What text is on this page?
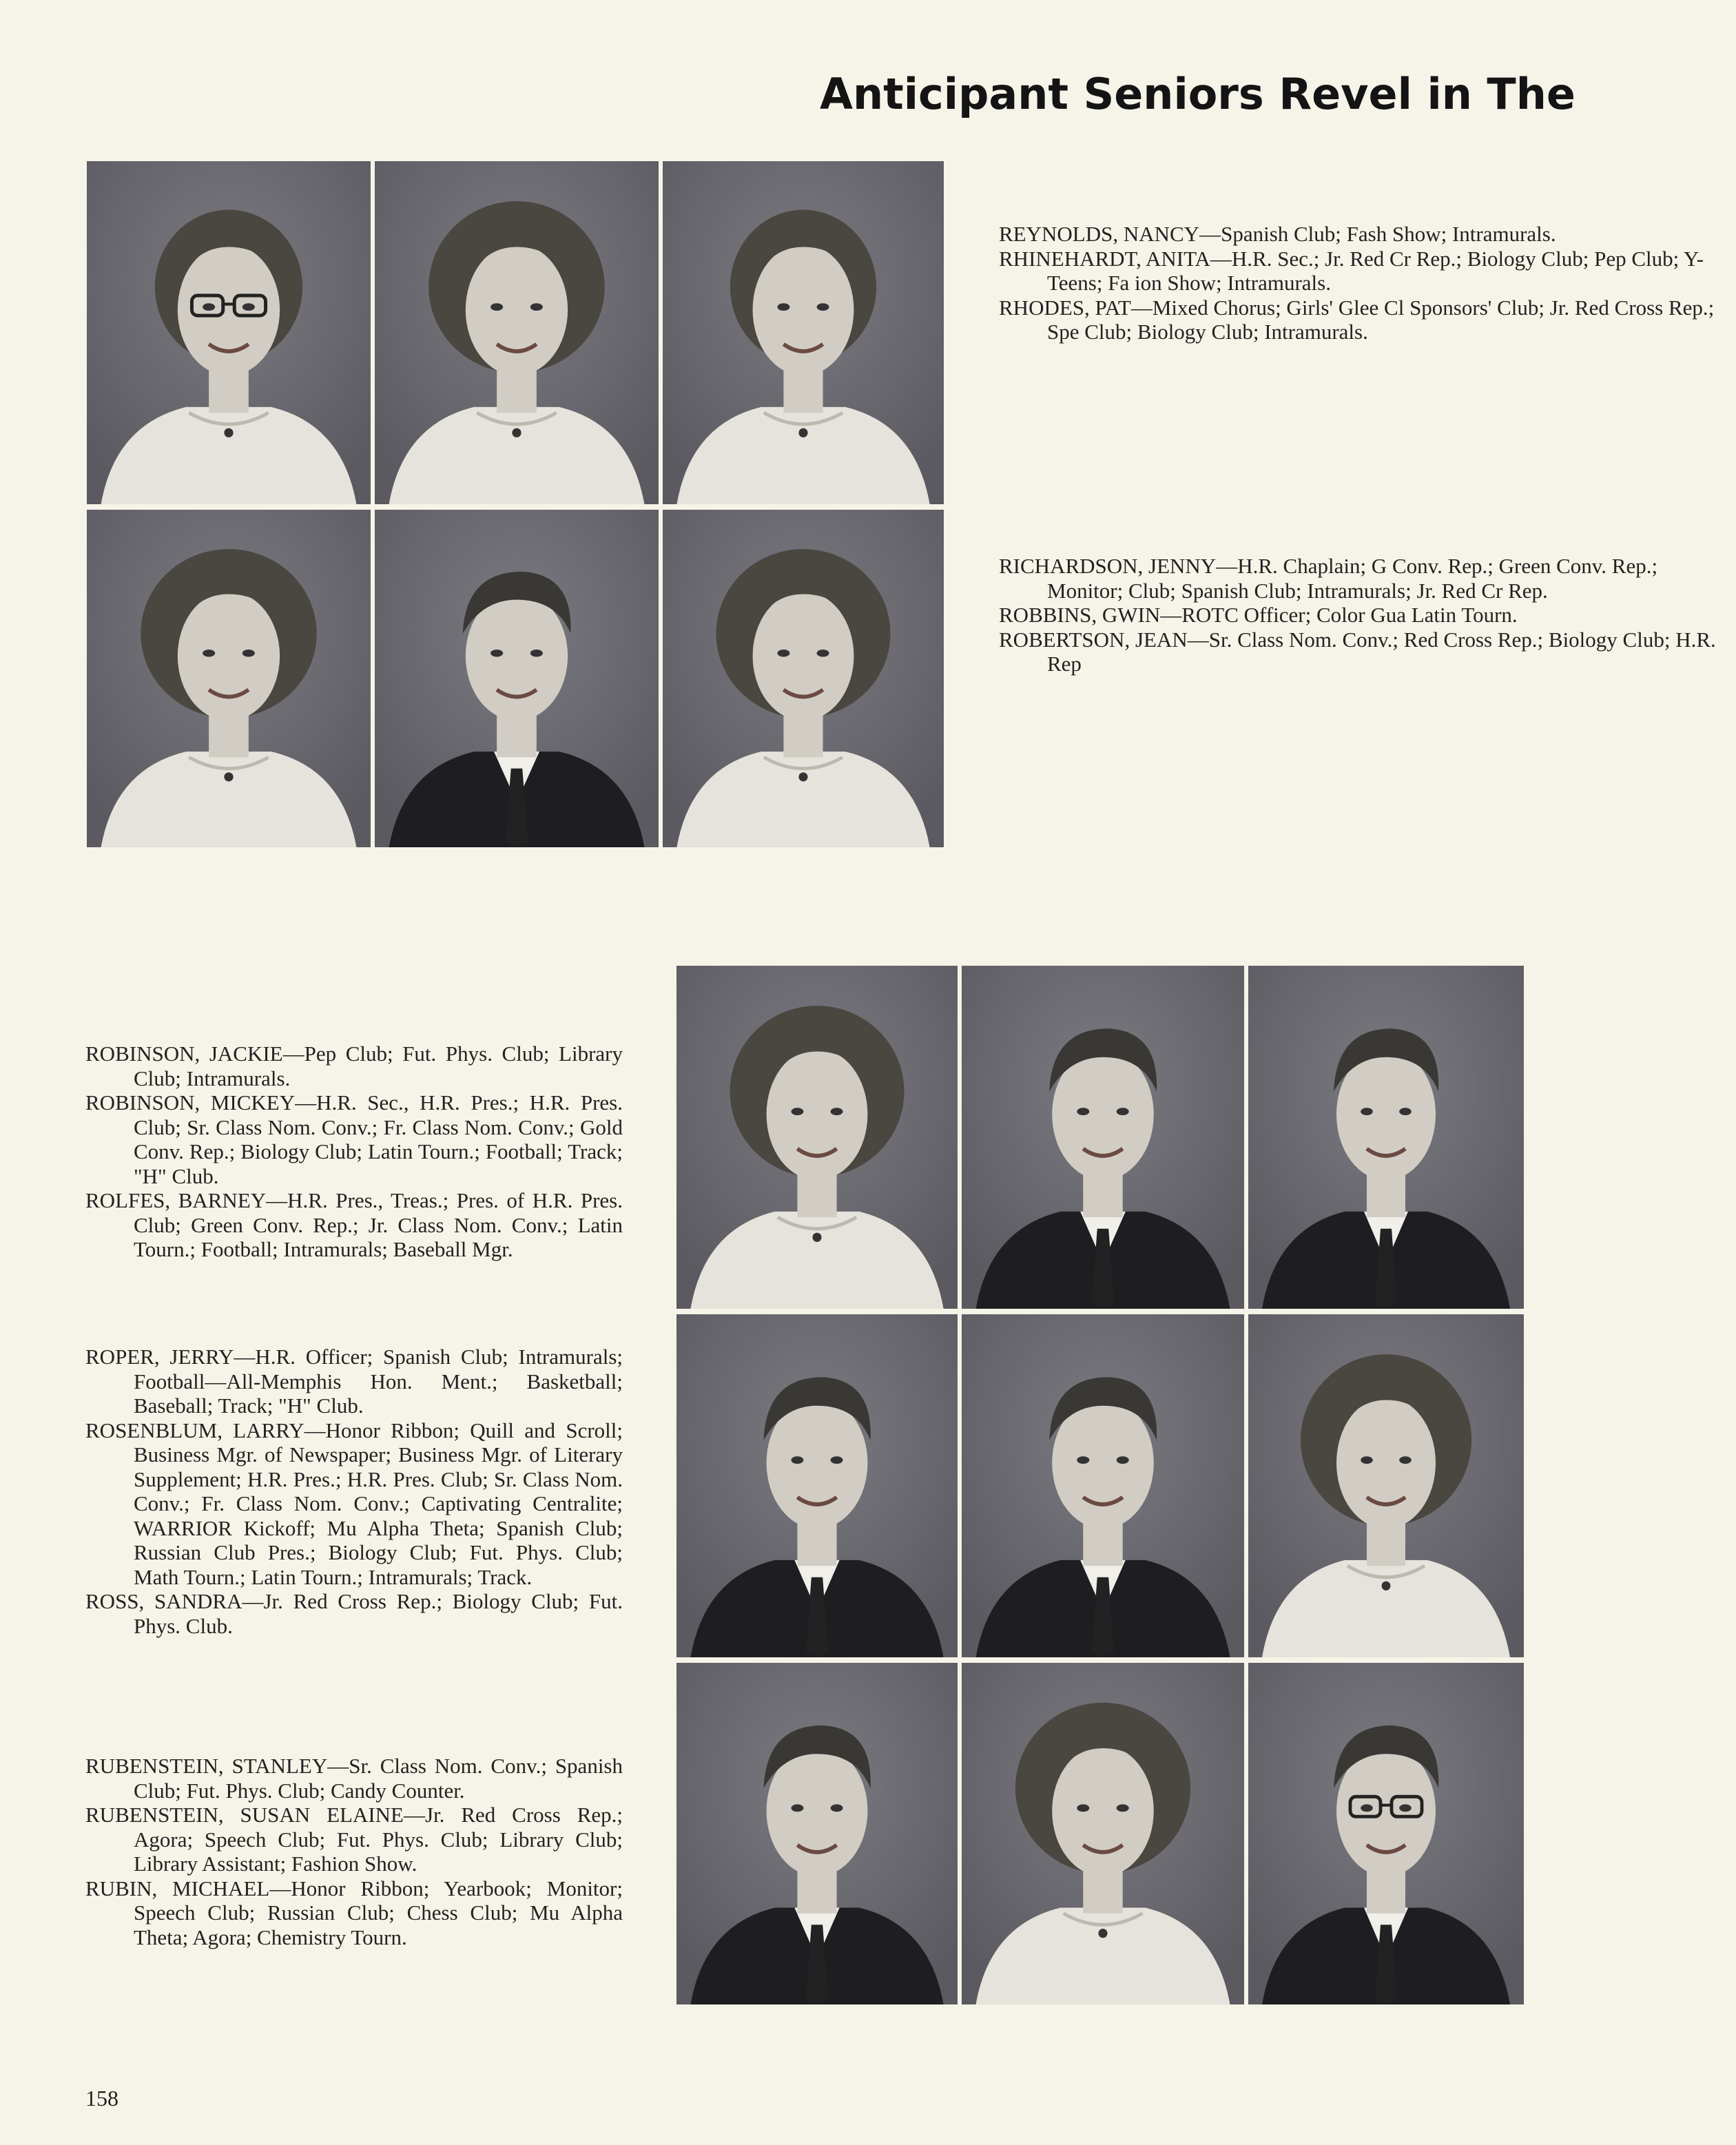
Anticipant Seniors Revel in The

REYNOLDS, NANCY—Spanish Club; Fash Show; Intramurals.

RHINEHARDT, ANITA—H.R. Sec.; Jr. Red Cr Rep.; Biology Club; Pep Club; Y-Teens; Fa ion Show; Intramurals.

RHODES, PAT—Mixed Chorus; Girls' Glee Cl Sponsors' Club; Jr. Red Cross Rep.; Spe Club; Biology Club; Intramurals.

RICHARDSON, JENNY—H.R. Chaplain; G Conv. Rep.; Green Conv. Rep.; Monitor; Club; Spanish Club; Intramurals; Jr. Red Cr Rep.

ROBBINS, GWIN—ROTC Officer; Color Gua Latin Tourn.

ROBERTSON, JEAN—Sr. Class Nom. Conv.; Red Cross Rep.; Biology Club; H.R. Rep

ROBINSON, JACKIE—Pep Club; Fut. Phys. Club; Library Club; Intramurals.

ROBINSON, MICKEY—H.R. Sec., H.R. Pres.; H.R. Pres. Club; Sr. Class Nom. Conv.; Fr. Class Nom. Conv.; Gold Conv. Rep.; Biology Club; Latin Tourn.; Football; Track; "H" Club.

ROLFES, BARNEY—H.R. Pres., Treas.; Pres. of H.R. Pres. Club; Green Conv. Rep.; Jr. Class Nom. Conv.; Latin Tourn.; Football; Intramurals; Baseball Mgr.

ROPER, JERRY—H.R. Officer; Spanish Club; Intramurals; Football—All-Memphis Hon. Ment.; Basketball; Baseball; Track; "H" Club.

ROSENBLUM, LARRY—Honor Ribbon; Quill and Scroll; Business Mgr. of Newspaper; Business Mgr. of Literary Supplement; H.R. Pres.; H.R. Pres. Club; Sr. Class Nom. Conv.; Fr. Class Nom. Conv.; Captivating Centralite; WARRIOR Kickoff; Mu Alpha Theta; Spanish Club; Russian Club Pres.; Biology Club; Fut. Phys. Club; Math Tourn.; Latin Tourn.; Intramurals; Track.

ROSS, SANDRA—Jr. Red Cross Rep.; Biology Club; Fut. Phys. Club.

RUBENSTEIN, STANLEY—Sr. Class Nom. Conv.; Spanish Club; Fut. Phys. Club; Candy Counter.

RUBENSTEIN, SUSAN ELAINE—Jr. Red Cross Rep.; Agora; Speech Club; Fut. Phys. Club; Library Club; Library Assistant; Fashion Show.

RUBIN, MICHAEL—Honor Ribbon; Yearbook; Monitor; Speech Club; Russian Club; Chess Club; Mu Alpha Theta; Agora; Chemistry Tourn.

158
